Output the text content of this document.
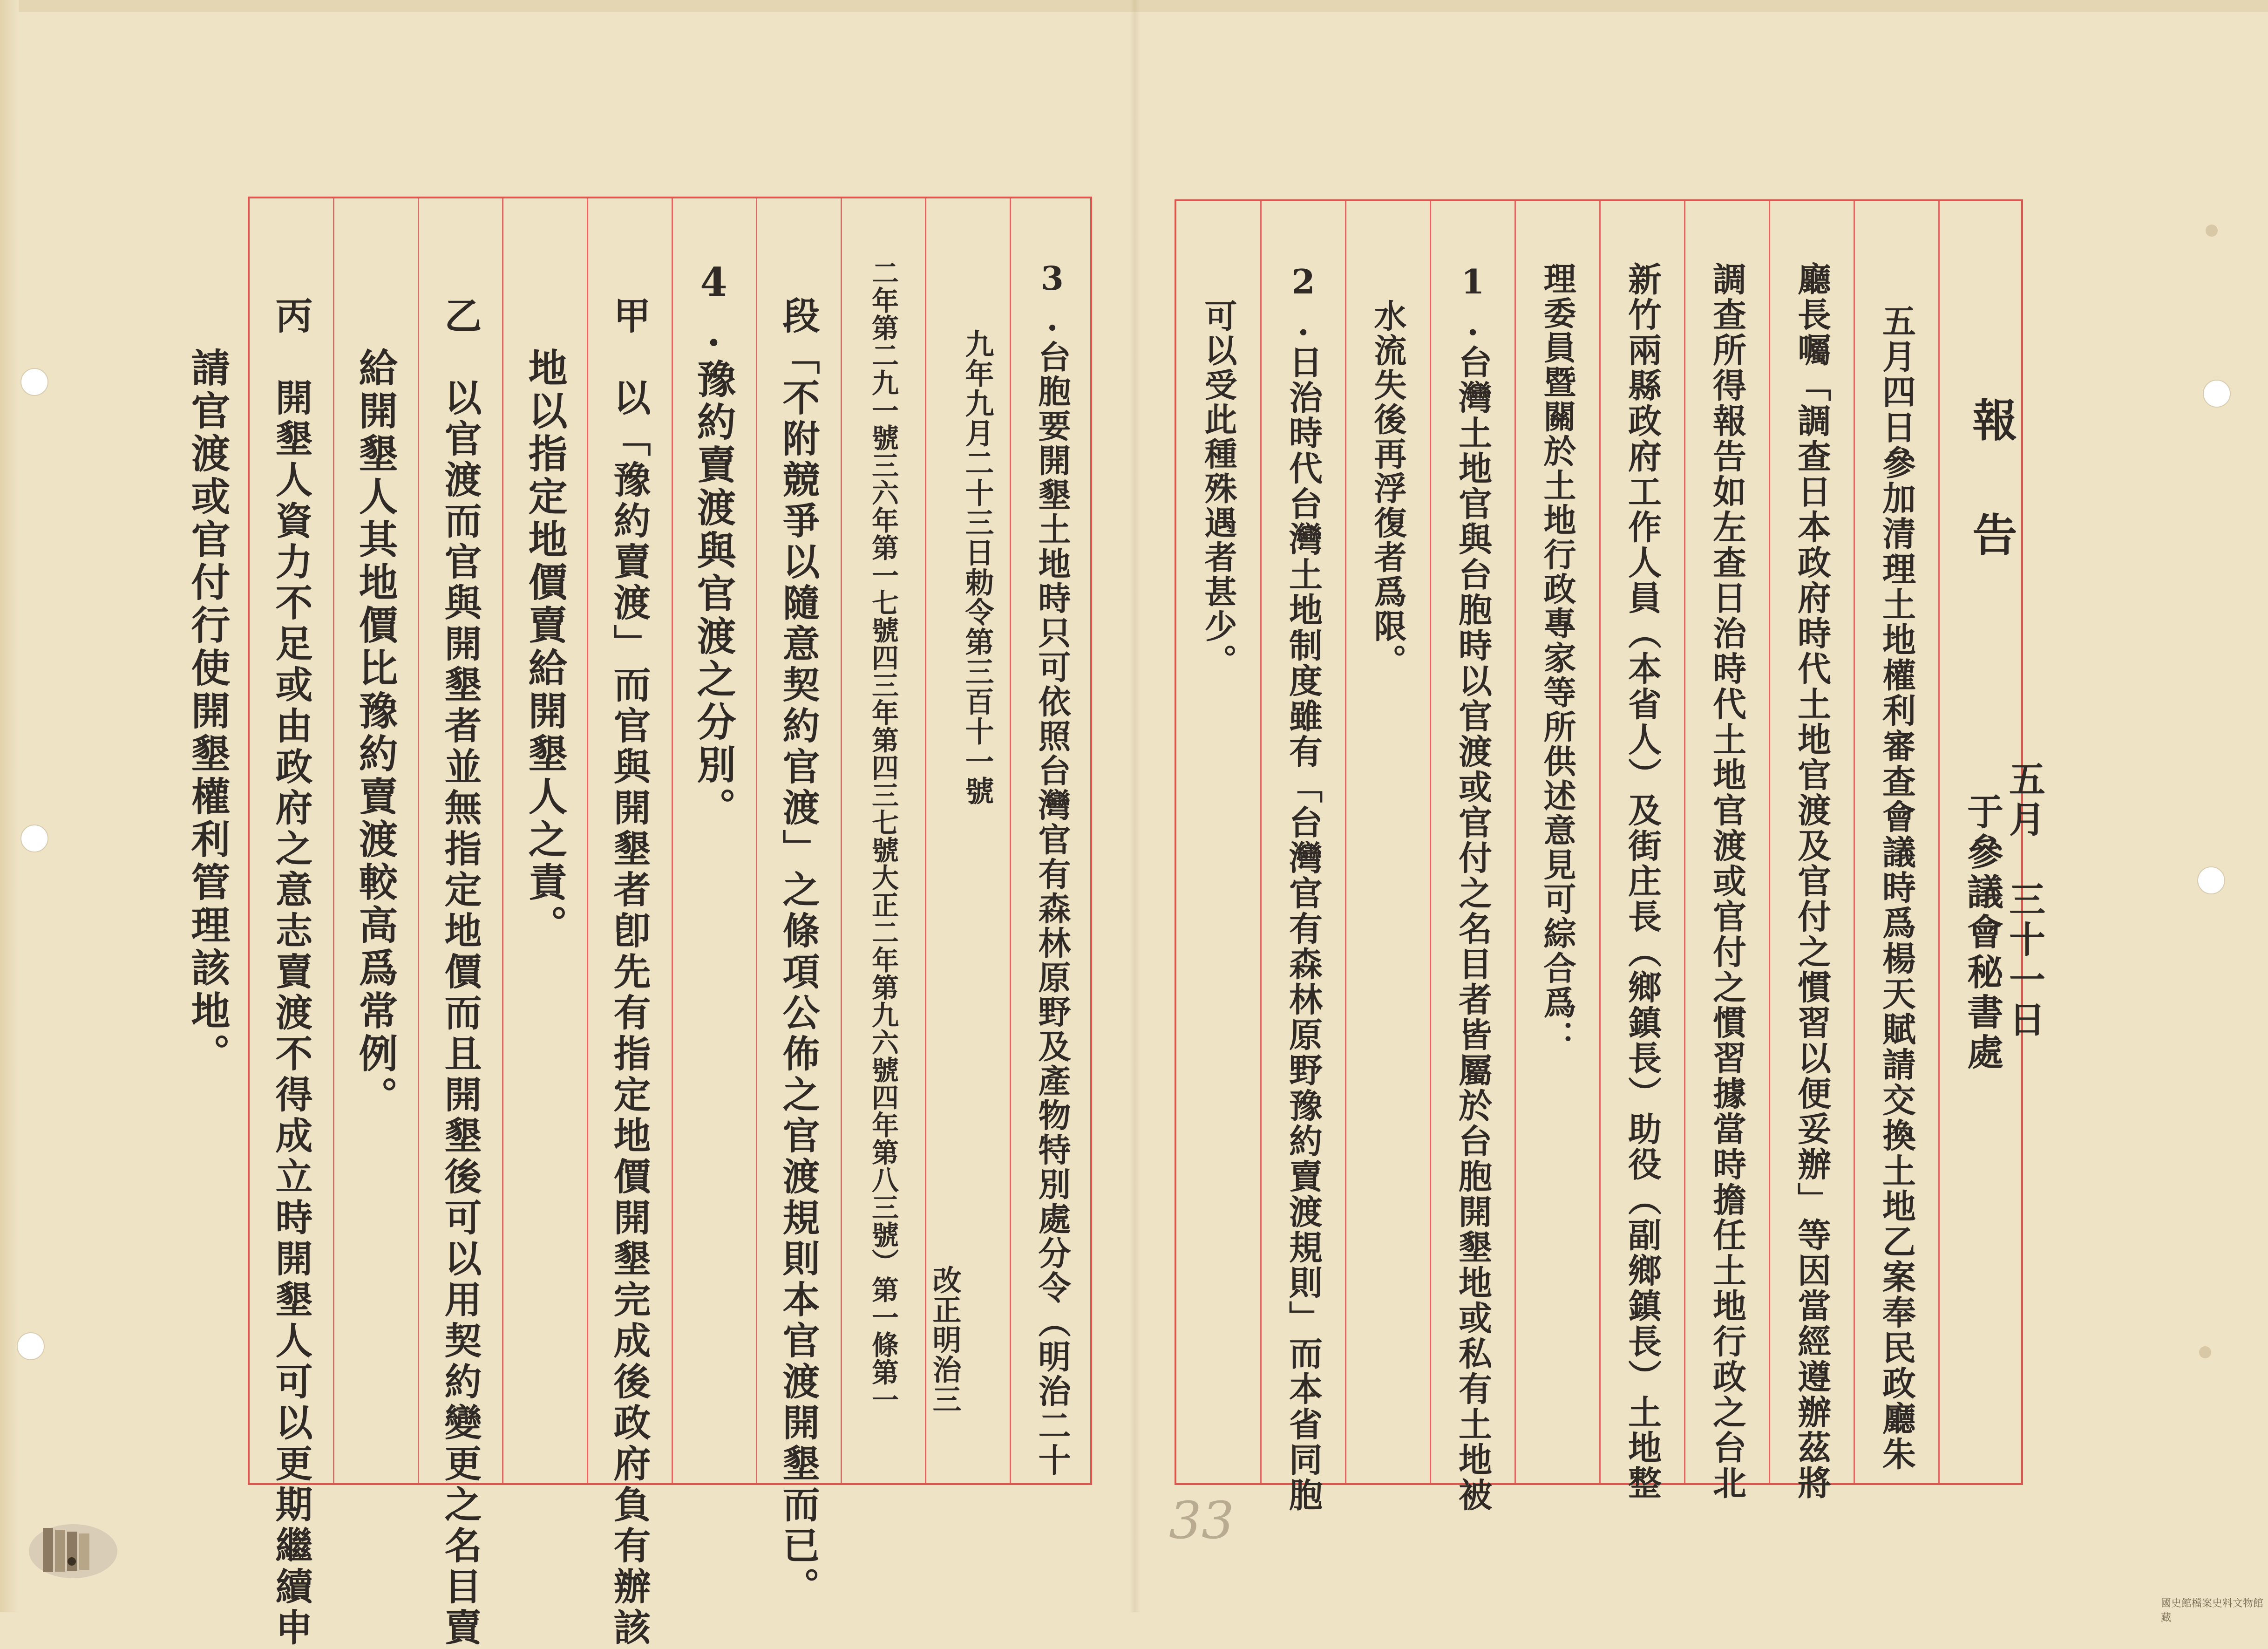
3.台胞要開墾土地時只可依照台灣官有森林原野及產物特別處分令（明治二十
九年九月二十三日勅令第三百十一號
改正明治三
二年第二九一號三六年第一七號四三年第四三七號大正二年第九六號四年第八三號）第一條第一
段「不附競爭以隨意契約官渡」之條項公佈之官渡規則本官渡開墾而已。
4.豫約賣渡與官渡之分別。
甲　以「豫約賣渡」而官與開墾者卽先有指定地價開墾完成後政府負有辦該
地以指定地價賣給開墾人之責。
乙　以官渡而官與開墾者並無指定地價而且開墾後可以用契約變更之名目賣
給開墾人其地價比豫約賣渡較高爲常例。
丙　開墾人資力不足或由政府之意志賣渡不得成立時開墾人可以更期繼續申
請官渡或官付行使開墾權利管理該地。	報告
五月　三十一日
于參議會秘書處
五月四日參加清理土地權利審查會議時爲楊天賦請交換土地乙案奉民政廳朱
廳長囑「調查日本政府時代土地官渡及官付之慣習以便妥辦」等因當經遵辦茲將
調查所得報告如左查日治時代土地官渡或官付之慣習據當時擔任土地行政之台北
新竹兩縣政府工作人員（本省人）及街庄長（鄉鎮長）助役（副鄉鎮長）土地整
理委員暨關於土地行政專家等所供述意見可綜合爲：
1.台灣土地官與台胞時以官渡或官付之名目者皆屬於台胞開墾地或私有土地被
水流失後再浮復者爲限。
2.日治時代台灣土地制度雖有「台灣官有森林原野豫約賣渡規則」而本省同胞
可以受此種殊遇者甚少。
33
國史館檔案史料文物館藏
